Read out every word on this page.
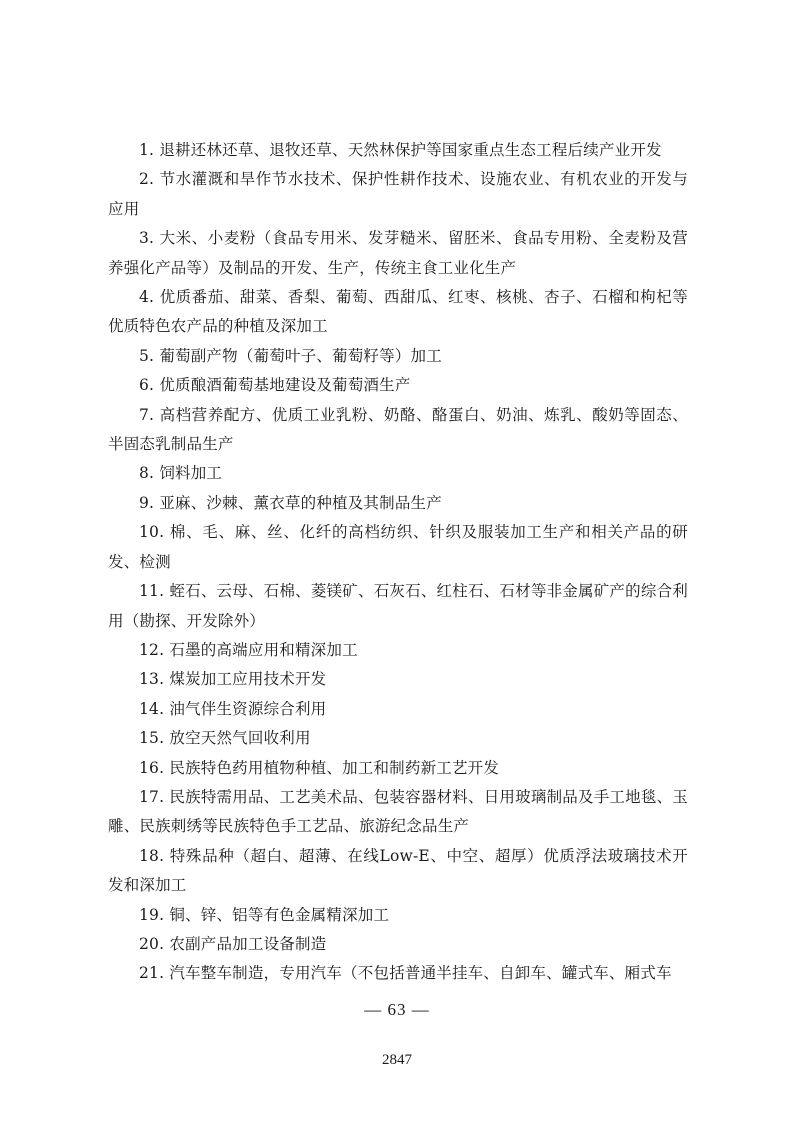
1. 退耕还林还草、退牧还草、天然林保护等国家重点生态工程后续产业开发

2. 节水灌溉和旱作节水技术、保护性耕作技术、设施农业、有机农业的开发与应用

3. 大米、小麦粉（食品专用米、发芽糙米、留胚米、食品专用粉、全麦粉及营养强化产品等）及制品的开发、生产，传统主食工业化生产

4. 优质番茄、甜菜、香梨、葡萄、西甜瓜、红枣、核桃、杏子、石榴和枸杞等优质特色农产品的种植及深加工

5. 葡萄副产物（葡萄叶子、葡萄籽等）加工

6. 优质酿酒葡萄基地建设及葡萄酒生产

7. 高档营养配方、优质工业乳粉、奶酪、酪蛋白、奶油、炼乳、酸奶等固态、半固态乳制品生产

8. 饲料加工

9. 亚麻、沙棘、薰衣草的种植及其制品生产

10. 棉、毛、麻、丝、化纤的高档纺织、针织及服装加工生产和相关产品的研发、检测

11. 蛭石、云母、石棉、菱镁矿、石灰石、红柱石、石材等非金属矿产的综合利用（勘探、开发除外）

12. 石墨的高端应用和精深加工

13. 煤炭加工应用技术开发

14. 油气伴生资源综合利用

15. 放空天然气回收利用

16. 民族特色药用植物种植、加工和制药新工艺开发

17. 民族特需用品、工艺美术品、包装容器材料、日用玻璃制品及手工地毯、玉雕、民族刺绣等民族特色手工艺品、旅游纪念品生产

18. 特殊品种（超白、超薄、在线Low-E、中空、超厚）优质浮法玻璃技术开发和深加工

19. 铜、锌、铝等有色金属精深加工

20. 农副产品加工设备制造

21. 汽车整车制造，专用汽车（不包括普通半挂车、自卸车、罐式车、厢式车

— 63 —
2847
